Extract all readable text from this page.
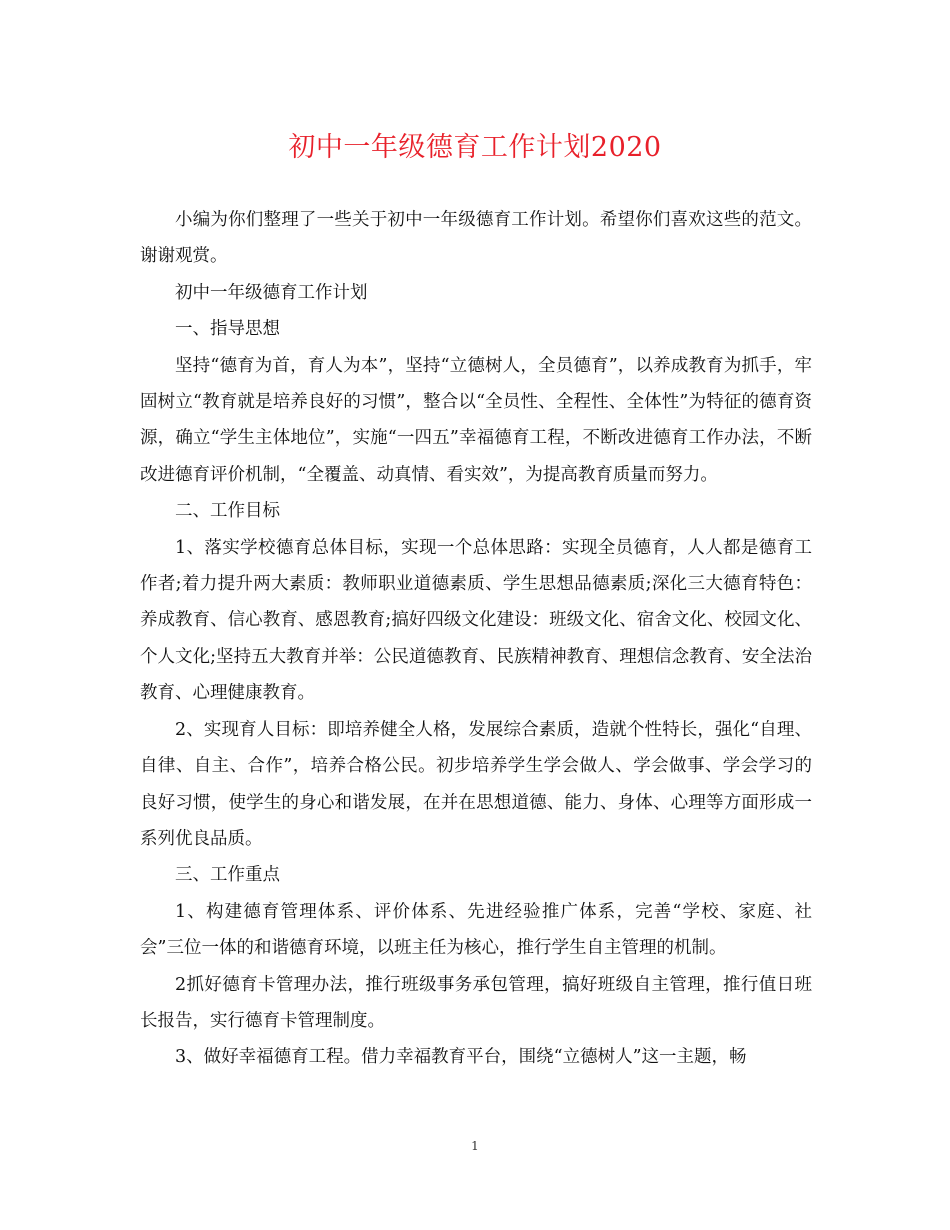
初中一年级德育工作计划2020

小编为你们整理了一些关于初中一年级德育工作计划。希望你们喜欢这些的范文。谢谢观赏。

初中一年级德育工作计划

一、指导思想

坚持“德育为首，育人为本”，坚持“立德树人，全员德育”，以养成教育为抓手，牢固树立“教育就是培养良好的习惯”，整合以“全员性、全程性、全体性”为特征的德育资源，确立“学生主体地位”，实施“一四五”幸福德育工程，不断改进德育工作办法，不断改进德育评价机制，“全覆盖、动真情、看实效”，为提高教育质量而努力。

二、工作目标

1、落实学校德育总体目标，实现一个总体思路：实现全员德育，人人都是德育工作者;着力提升两大素质：教师职业道德素质、学生思想品德素质;深化三大德育特色：养成教育、信心教育、感恩教育;搞好四级文化建设：班级文化、宿舍文化、校园文化、个人文化;坚持五大教育并举：公民道德教育、民族精神教育、理想信念教育、安全法治教育、心理健康教育。

2、实现育人目标：即培养健全人格，发展综合素质，造就个性特长，强化“自理、自律、自主、合作”，培养合格公民。初步培养学生学会做人、学会做事、学会学习的良好习惯，使学生的身心和谐发展，在并在思想道德、能力、身体、心理等方面形成一系列优良品质。

三、工作重点

1、构建德育管理体系、评价体系、先进经验推广体系，完善“学校、家庭、社会”三位一体的和谐德育环境，以班主任为核心，推行学生自主管理的机制。

2抓好德育卡管理办法，推行班级事务承包管理，搞好班级自主管理，推行值日班长报告，实行德育卡管理制度。

3、做好幸福德育工程。借力幸福教育平台，围绕“立德树人”这一主题，畅

1
